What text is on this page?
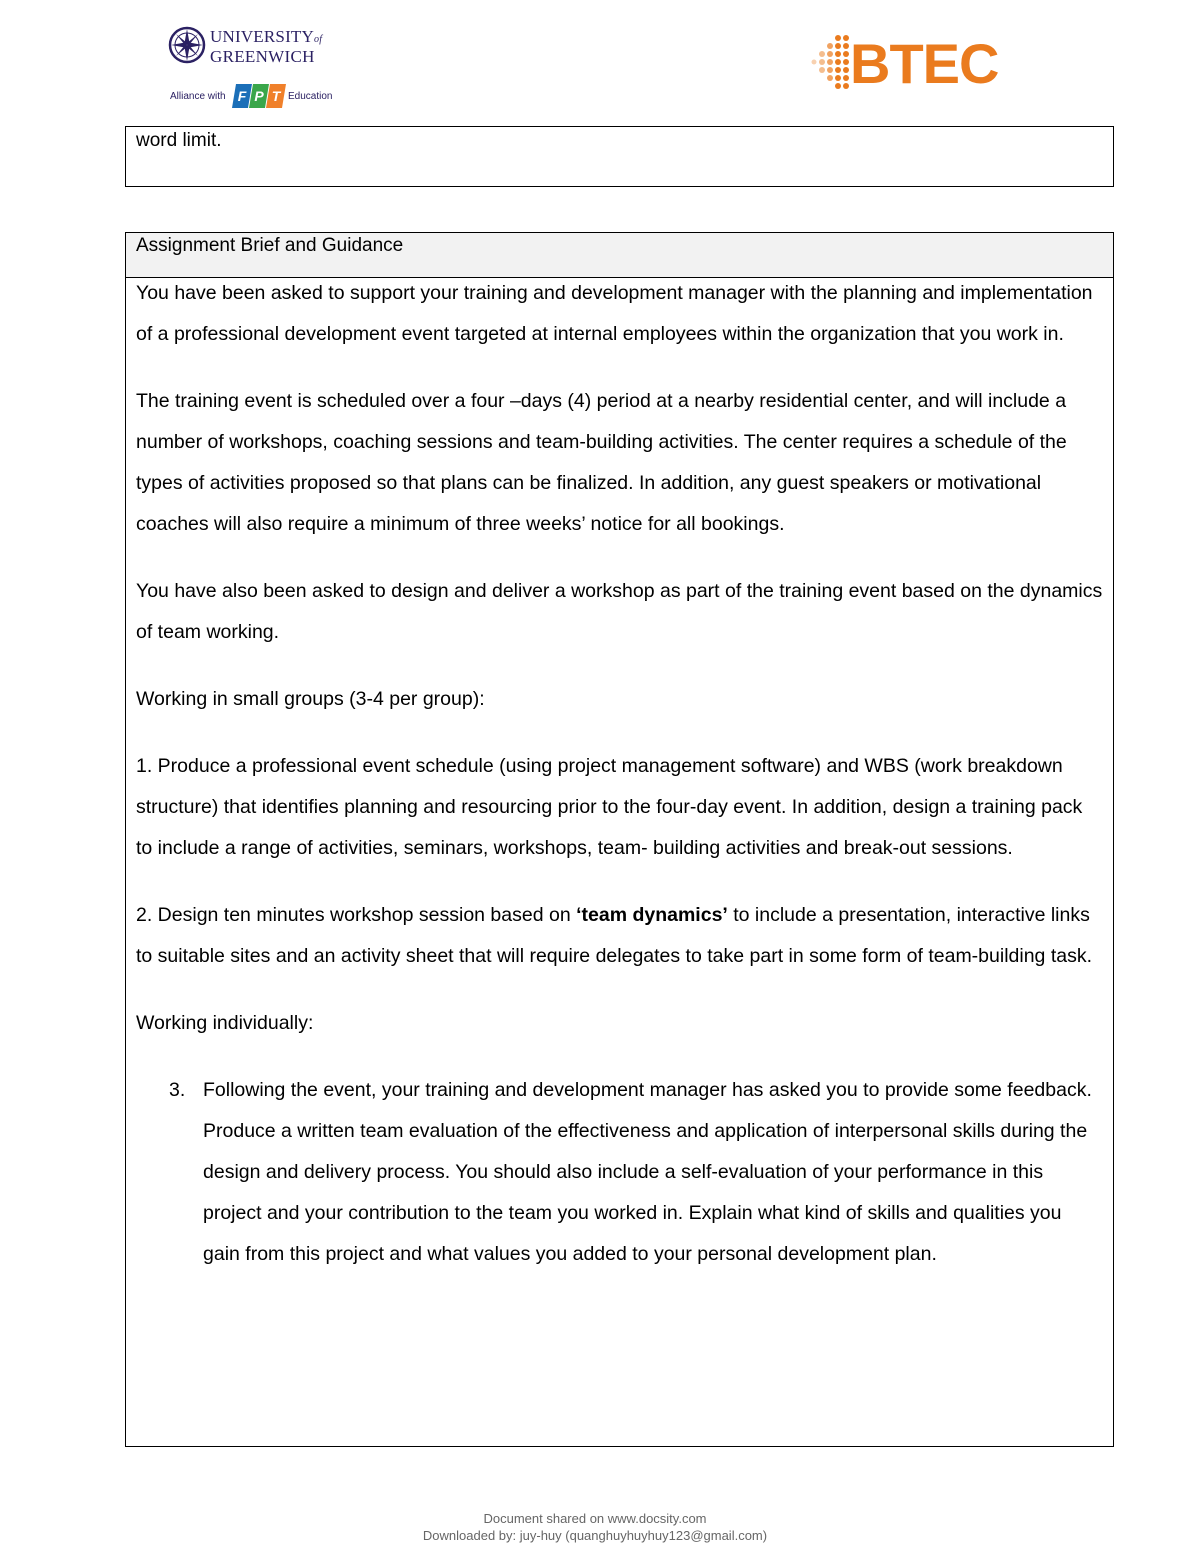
UNIVERSITYof
GREENWICH
Alliance with F P T Education
BTEC

word limit.

Assignment Brief and Guidance

You have been asked to support your training and development manager with the planning and implementation of a professional development event targeted at internal employees within the organization that you work in.

The training event is scheduled over a four –days (4) period at a nearby residential center, and will include a number of workshops, coaching sessions and team-building activities. The center requires a schedule of the types of activities proposed so that plans can be finalized. In addition, any guest speakers or motivational coaches will also require a minimum of three weeks’ notice for all bookings.

You have also been asked to design and deliver a workshop as part of the training event based on the dynamics of team working.

Working in small groups (3-4 per group):

1. Produce a professional event schedule (using project management software) and WBS (work breakdown structure) that identifies planning and resourcing prior to the four-day event. In addition, design a training pack to include a range of activities, seminars, workshops, team- building activities and break-out sessions.

2. Design ten minutes workshop session based on ‘team dynamics’ to include a presentation, interactive links to suitable sites and an activity sheet that will require delegates to take part in some form of team-building task.

Working individually:

3. Following the event, your training and development manager has asked you to provide some feedback. Produce a written team evaluation of the effectiveness and application of interpersonal skills during the design and delivery process. You should also include a self-evaluation of your performance in this project and your contribution to the team you worked in. Explain what kind of skills and qualities you gain from this project and what values you added to your personal development plan.
Document shared on www.docsity.com
Downloaded by: juy-huy (quanghuyhuyhuy123@gmail.com)
